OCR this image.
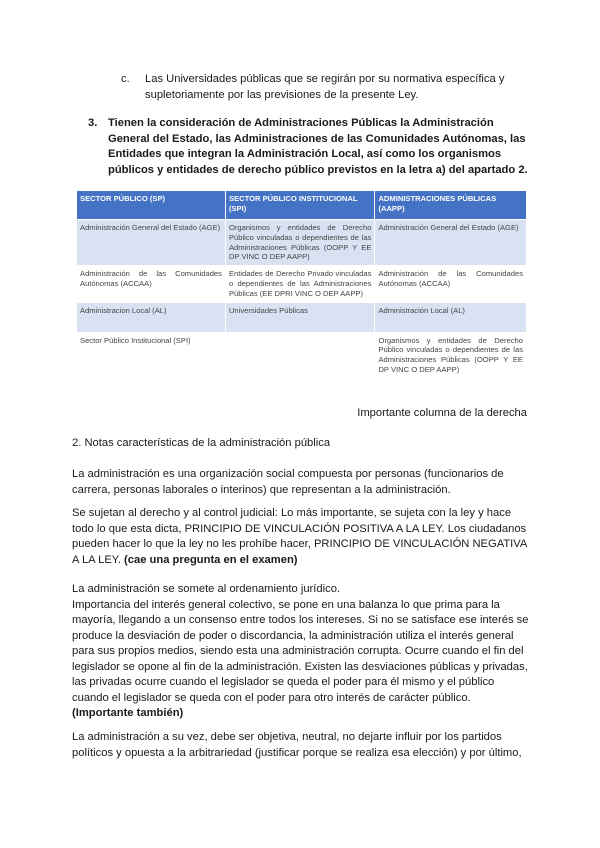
c. Las Universidades públicas que se regirán por su normativa específica y supletoriamente por las previsiones de la presente Ley.
3. Tienen la consideración de Administraciones Públicas la Administración General del Estado, las Administraciones de las Comunidades Autónomas, las Entidades que integran la Administración Local, así como los organismos públicos y entidades de derecho público previstos en la letra a) del apartado 2.
SECTOR PÚBLICO (SP)	SECTOR PÚBLICO INSTITUCIONAL (SPI)	ADMINISTRACIONES PÚBLICAS (AAPP)
Administración General del Estado (AGE)	Organismos y entidades de Derecho Público vinculadas o dependientes de las Administraciones Públicas (OOPP Y EE DP VINC O DEP AAPP)	Administración General del Estado (AGE)
Administración de las Comunidades Autónomas (ACCAA)	Entidades de Derecho Privado vinculadas o dependientes de las Administraciones Públicas (EE DPRI VINC O DEP AAPP)	Administración de las Comunidades Autónomas (ACCAA)
Administracion Local (AL)	Universidades Públicas	Administración Local (AL)
Sector Público Institucional (SPI)		Organismos y entidades de Derecho Público vinculadas o dependientes de las Administraciones Públicas (OOPP Y EE DP VINC O DEP AAPP)
Importante columna de la derecha
2. Notas características de la administración pública
La administración es una organización social compuesta por personas (funcionarios de carrera, personas laborales o interinos) que representan a la administración.
Se sujetan al derecho y al control judicial: Lo más importante, se sujeta con la ley y hace todo lo que esta dicta, PRINCIPIO DE VINCULACIÓN POSITIVA A LA LEY. Los ciudadanos pueden hacer lo que la ley no les prohíbe hacer, PRINCIPIO DE VINCULACIÓN NEGATIVA A LA LEY. (cae una pregunta en el examen)
La administración se somete al ordenamiento jurídico.
Importancia del interés general colectivo, se pone en una balanza lo que prima para la mayoría, llegando a un consenso entre todos los intereses. Si no se satisface ese interés se produce la desviación de poder o discordancia, la administración utiliza el interés general para sus propios medios, siendo esta una administración corrupta. Ocurre cuando el fin del legislador se opone al fin de la administración. Existen las desviaciones públicas y privadas, las privadas ocurre cuando el legislador se queda el poder para él mismo y el público cuando el legislador se queda con el poder para otro interés de carácter público.
(Importante también)
La administración a su vez, debe ser objetiva, neutral, no dejarte influir por los partidos políticos y opuesta a la arbitrariedad (justificar porque se realiza esa elección) y por último,
